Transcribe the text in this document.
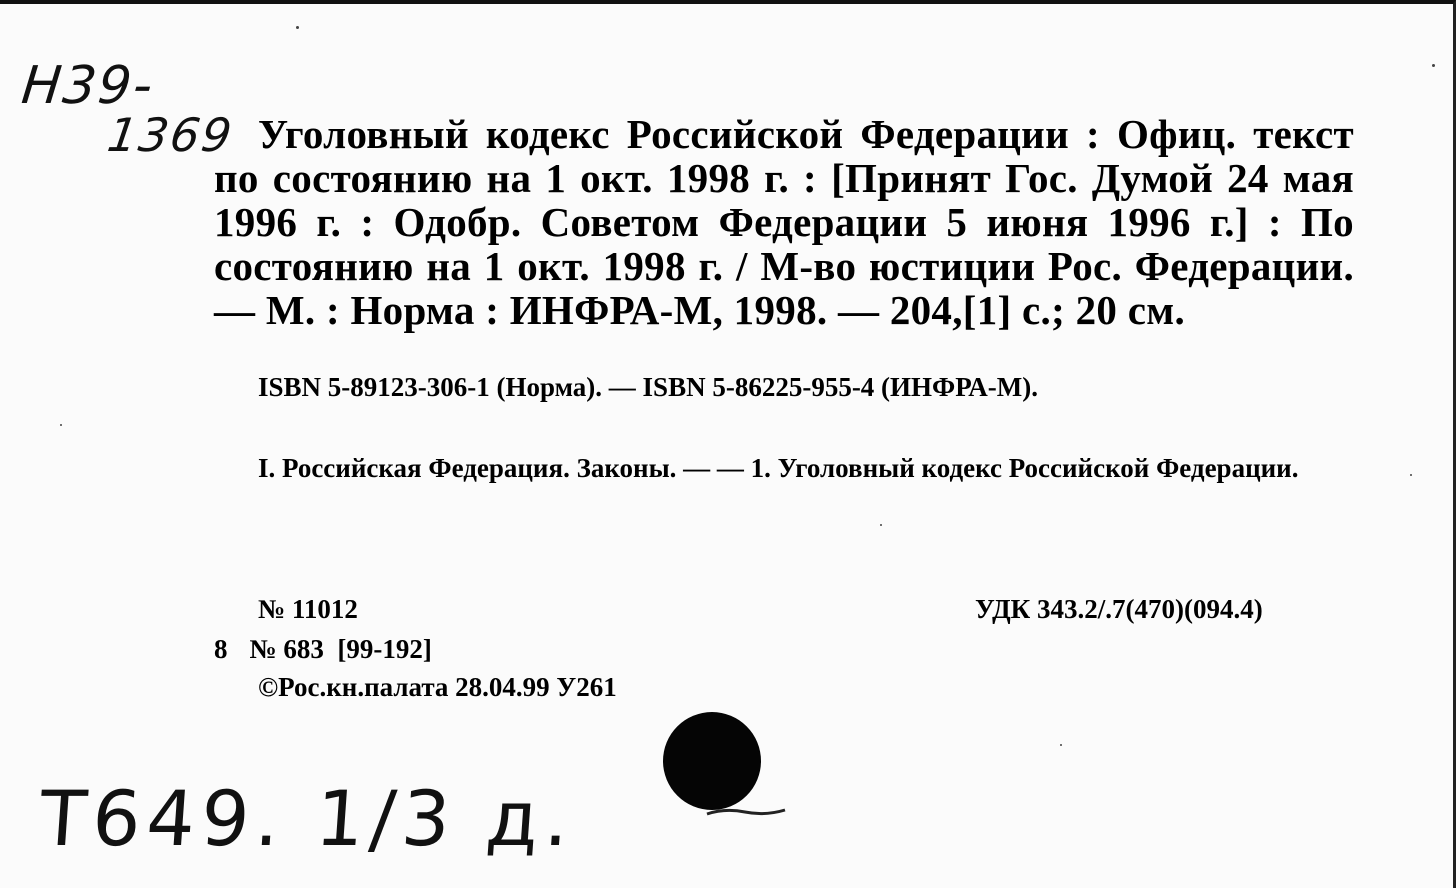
Н39-
1369 Уголовный кодекс Российской Федерации : Офиц. текст по состоянию на 1 окт. 1998 г. : [Принят Гос. Думой 24 мая 1996 г. : Одобр. Советом Федерации 5 июня 1996 г.] : По состоянию на 1 окт. 1998 г. / М-во юстиции Рос. Федерации. — М. : Норма : ИНФРА-М, 1998. — 204,[1] с.; 20 см.
ISBN 5-89123-306-1 (Норма). — ISBN 5-86225-955-4 (ИНФРА-М).
I. Российская Федерация. Законы. — — 1. Уголовный кодекс Российской Федерации.
№ 11012	УДК 343.2/.7(470)(094.4)
8 № 683 [99-192]
©Рос.кн.палата 28.04.99 У261
Т649. 1/3 д.
